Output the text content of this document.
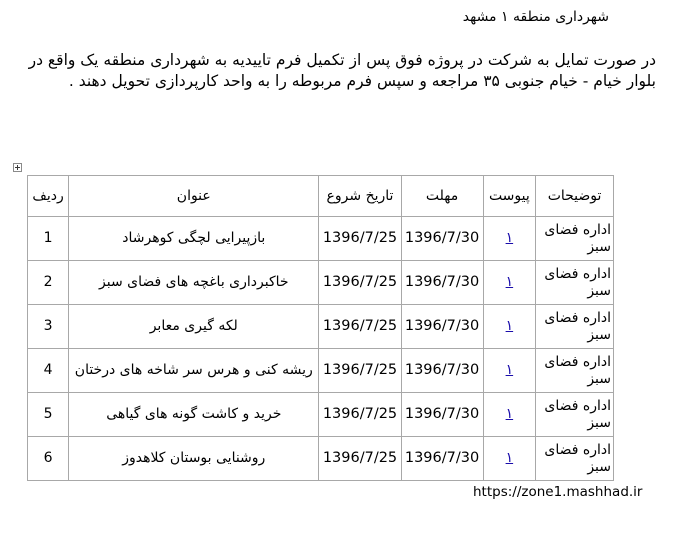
شهرداری منطقه ۱ مشهد
در صورت تمایل به شرکت در پروژه فوق پس از تکمیل فرم تاییدیه به شهرداری منطقه یک واقع در بلوار خیام - خیام جنوبی ۳۵ مراجعه و سپس فرم مربوطه را به واحد کارپردازی تحویل دهند .
توضیحات	پیوست	مهلت	تاریخ شروع	عنوان	ردیف
اداره فضای سبز	۱	1396/7/30	1396/7/25	بازپیرایی لچگی کوهرشاد	1
اداره فضای سبز	۱	1396/7/30	1396/7/25	خاکبرداری باغچه های فضای سبز	2
اداره فضای سبز	۱	1396/7/30	1396/7/25	لکه گیری معابر	3
اداره فضای سبز	۱	1396/7/30	1396/7/25	ریشه کنی و هرس سر شاخه های درختان	4
اداره فضای سبز	۱	1396/7/30	1396/7/25	خرید و کاشت گونه های گیاهی	5
اداره فضای سبز	۱	1396/7/30	1396/7/25	روشنایی بوستان کلاهدوز	6
https://zone1.mashhad.ir
